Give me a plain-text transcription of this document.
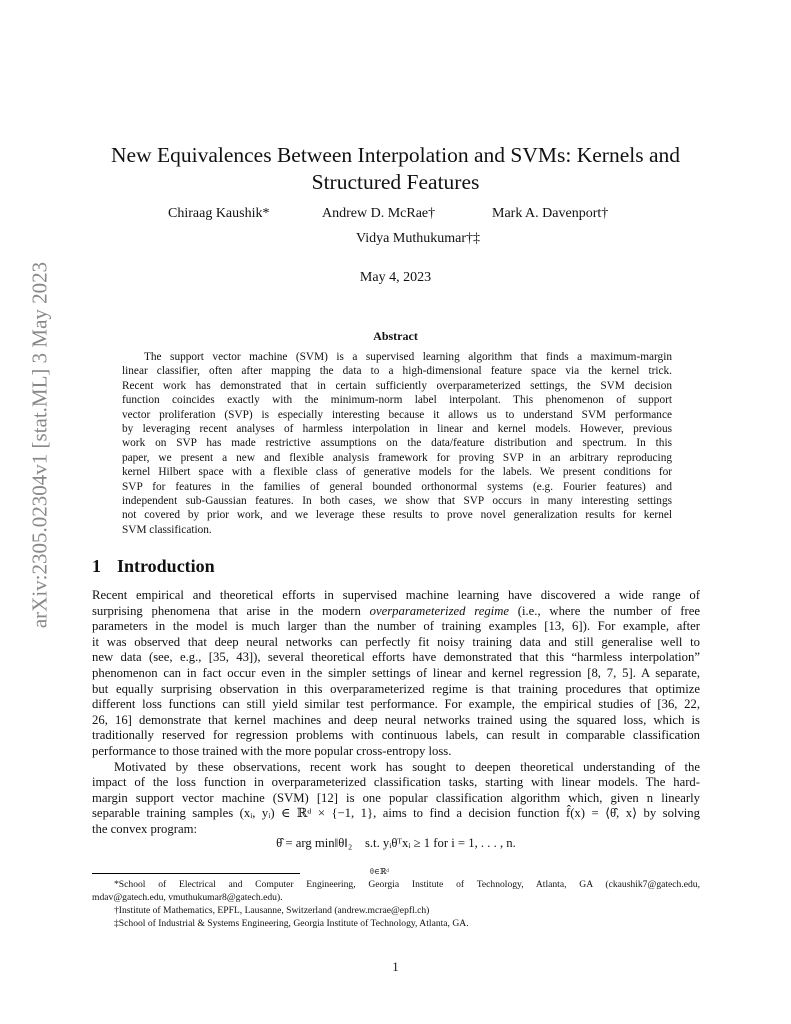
arXiv:2305.02304v1 [stat.ML] 3 May 2023
New Equivalences Between Interpolation and SVMs: Kernels and
Structured Features
Chiraag Kaushik*	Andrew D. McRae†	Mark A. Davenport†
Vidya Muthukumar†‡
May 4, 2023
Abstract
The support vector machine (SVM) is a supervised learning algorithm that finds a maximum-margin
linear classifier, often after mapping the data to a high-dimensional feature space via the kernel trick.
Recent work has demonstrated that in certain sufficiently overparameterized settings, the SVM decision
function coincides exactly with the minimum-norm label interpolant. This phenomenon of support
vector proliferation (SVP) is especially interesting because it allows us to understand SVM performance
by leveraging recent analyses of harmless interpolation in linear and kernel models. However, previous
work on SVP has made restrictive assumptions on the data/feature distribution and spectrum. In this
paper, we present a new and flexible analysis framework for proving SVP in an arbitrary reproducing
kernel Hilbert space with a flexible class of generative models for the labels. We present conditions for
SVP for features in the families of general bounded orthonormal systems (e.g. Fourier features) and
independent sub-Gaussian features. In both cases, we show that SVP occurs in many interesting settings
not covered by prior work, and we leverage these results to prove novel generalization results for kernel
SVM classification.
1 Introduction
Recent empirical and theoretical efforts in supervised machine learning have discovered a wide range of
surprising phenomena that arise in the modern overparameterized regime (i.e., where the number of free
parameters in the model is much larger than the number of training examples [13, 6]). For example, after
it was observed that deep neural networks can perfectly fit noisy training data and still generalise well to
new data (see, e.g., [35, 43]), several theoretical efforts have demonstrated that this “harmless interpolation”
phenomenon can in fact occur even in the simpler settings of linear and kernel regression [8, 7, 5]. A separate,
but equally surprising observation in this overparameterized regime is that training procedures that optimize
different loss functions can still yield similar test performance. For example, the empirical studies of [36, 22,
26, 16] demonstrate that kernel machines and deep neural networks trained using the squared loss, which is
traditionally reserved for regression problems with continuous labels, can result in comparable classification
performance to those trained with the more popular cross-entropy loss.
Motivated by these observations, recent work has sought to deepen theoretical understanding of the
impact of the loss function in overparameterized classification tasks, starting with linear models. The hard-
margin support vector machine (SVM) [12] is one popular classification algorithm which, given n linearly
separable training samples (xᵢ, yᵢ) ∈ ℝᵈ × {−1, 1}, aims to find a decision function f̂(x) = ⟨θ̂, x⟩ by solving
the convex program:
θ̂ = arg min‖θ‖₂    s.t. yᵢθᵀxᵢ ≥ 1 for i = 1, . . . , n.
θ∈ℝᵈ
*School of Electrical and Computer Engineering, Georgia Institute of Technology, Atlanta, GA (ckaushik7@gatech.edu,
mdav@gatech.edu, vmuthukumar8@gatech.edu).
†Institute of Mathematics, EPFL, Lausanne, Switzerland (andrew.mcrae@epfl.ch)
‡School of Industrial & Systems Engineering, Georgia Institute of Technology, Atlanta, GA.
1
